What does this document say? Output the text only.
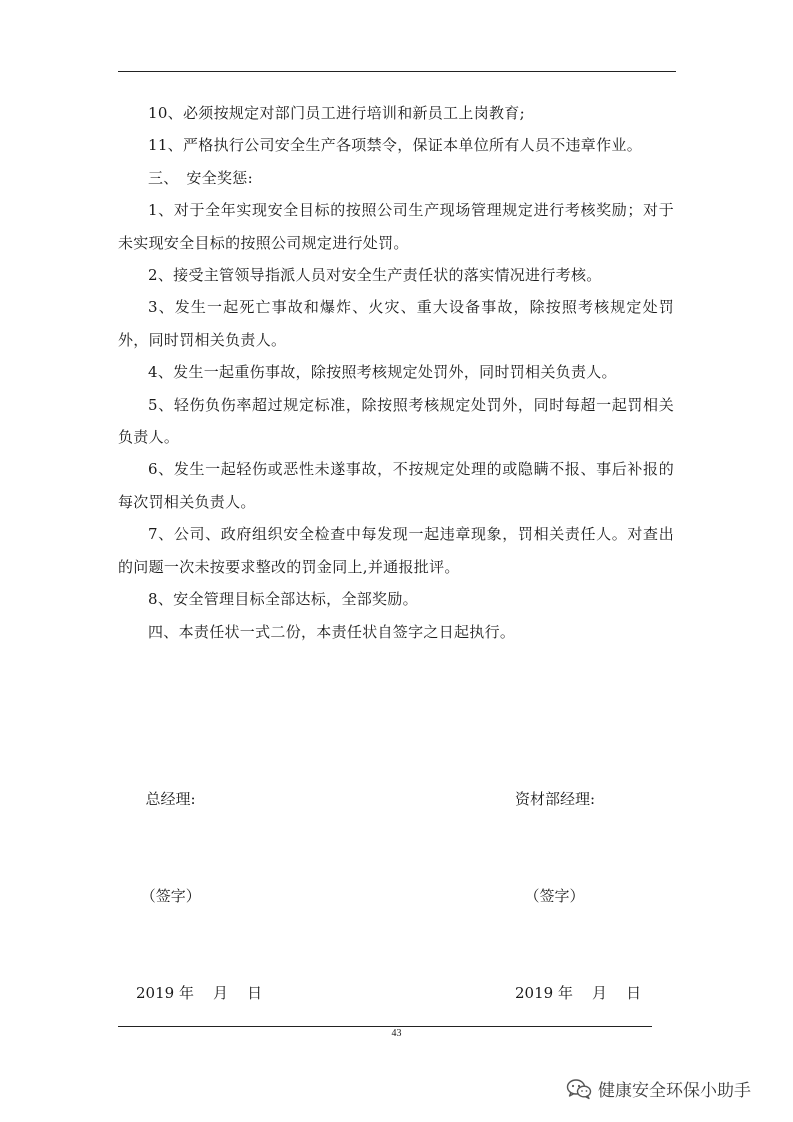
10、必须按规定对部门员工进行培训和新员工上岗教育;

11、严格执行公司安全生产各项禁令，保证本单位所有人员不违章作业。

三、　安全奖惩:

1、对于全年实现安全目标的按照公司生产现场管理规定进行考核奖励；对于未实现安全目标的按照公司规定进行处罚。

2、接受主管领导指派人员对安全生产责任状的落实情况进行考核。

3、发生一起死亡事故和爆炸、火灾、重大设备事故，除按照考核规定处罚外，同时罚相关负责人。

4、发生一起重伤事故，除按照考核规定处罚外，同时罚相关负责人。

5、轻伤负伤率超过规定标准，除按照考核规定处罚外，同时每超一起罚相关负责人。

6、发生一起轻伤或恶性未遂事故，不按规定处理的或隐瞒不报、事后补报的每次罚相关负责人。

7、公司、政府组织安全检查中每发现一起违章现象，罚相关责任人。对查出的问题一次未按要求整改的罚金同上,并通报批评。

8、安全管理目标全部达标，全部奖励。

四、本责任状一式二份，本责任状自签字之日起执行。

总经理:

（签字）

2019 年    月    日

资材部经理:

（签字）

2019 年    月    日

43
健康安全环保小助手
